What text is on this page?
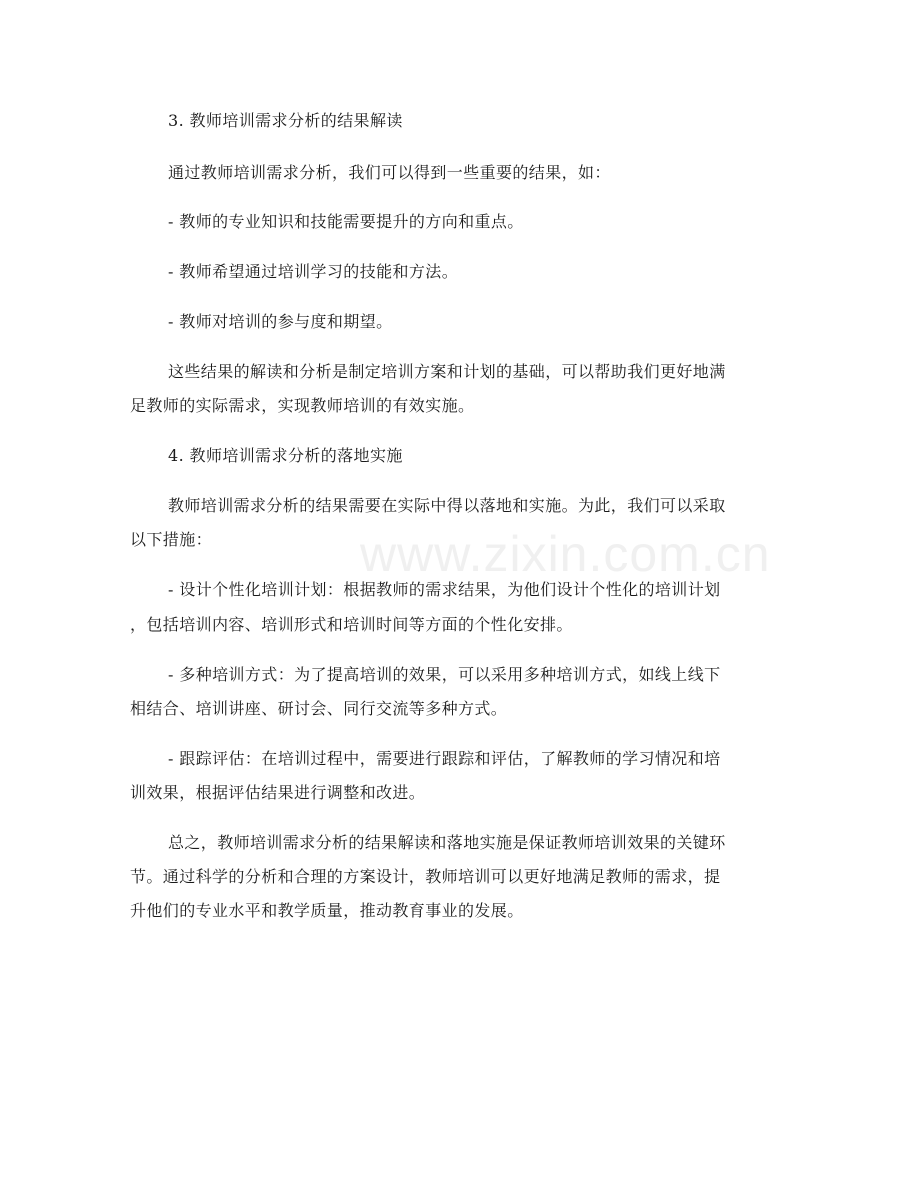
www.zixin.com.cn
3. 教师培训需求分析的结果解读
通过教师培训需求分析，我们可以得到一些重要的结果，如：
- 教师的专业知识和技能需要提升的方向和重点。
- 教师希望通过培训学习的技能和方法。
- 教师对培训的参与度和期望。
这些结果的解读和分析是制定培训方案和计划的基础，可以帮助我们更好地满
足教师的实际需求，实现教师培训的有效实施。
4. 教师培训需求分析的落地实施
教师培训需求分析的结果需要在实际中得以落地和实施。为此，我们可以采取
以下措施：
- 设计个性化培训计划：根据教师的需求结果，为他们设计个性化的培训计划
，包括培训内容、培训形式和培训时间等方面的个性化安排。
- 多种培训方式：为了提高培训的效果，可以采用多种培训方式，如线上线下
相结合、培训讲座、研讨会、同行交流等多种方式。
- 跟踪评估：在培训过程中，需要进行跟踪和评估，了解教师的学习情况和培
训效果，根据评估结果进行调整和改进。
总之，教师培训需求分析的结果解读和落地实施是保证教师培训效果的关键环
节。通过科学的分析和合理的方案设计，教师培训可以更好地满足教师的需求，提
升他们的专业水平和教学质量，推动教育事业的发展。
